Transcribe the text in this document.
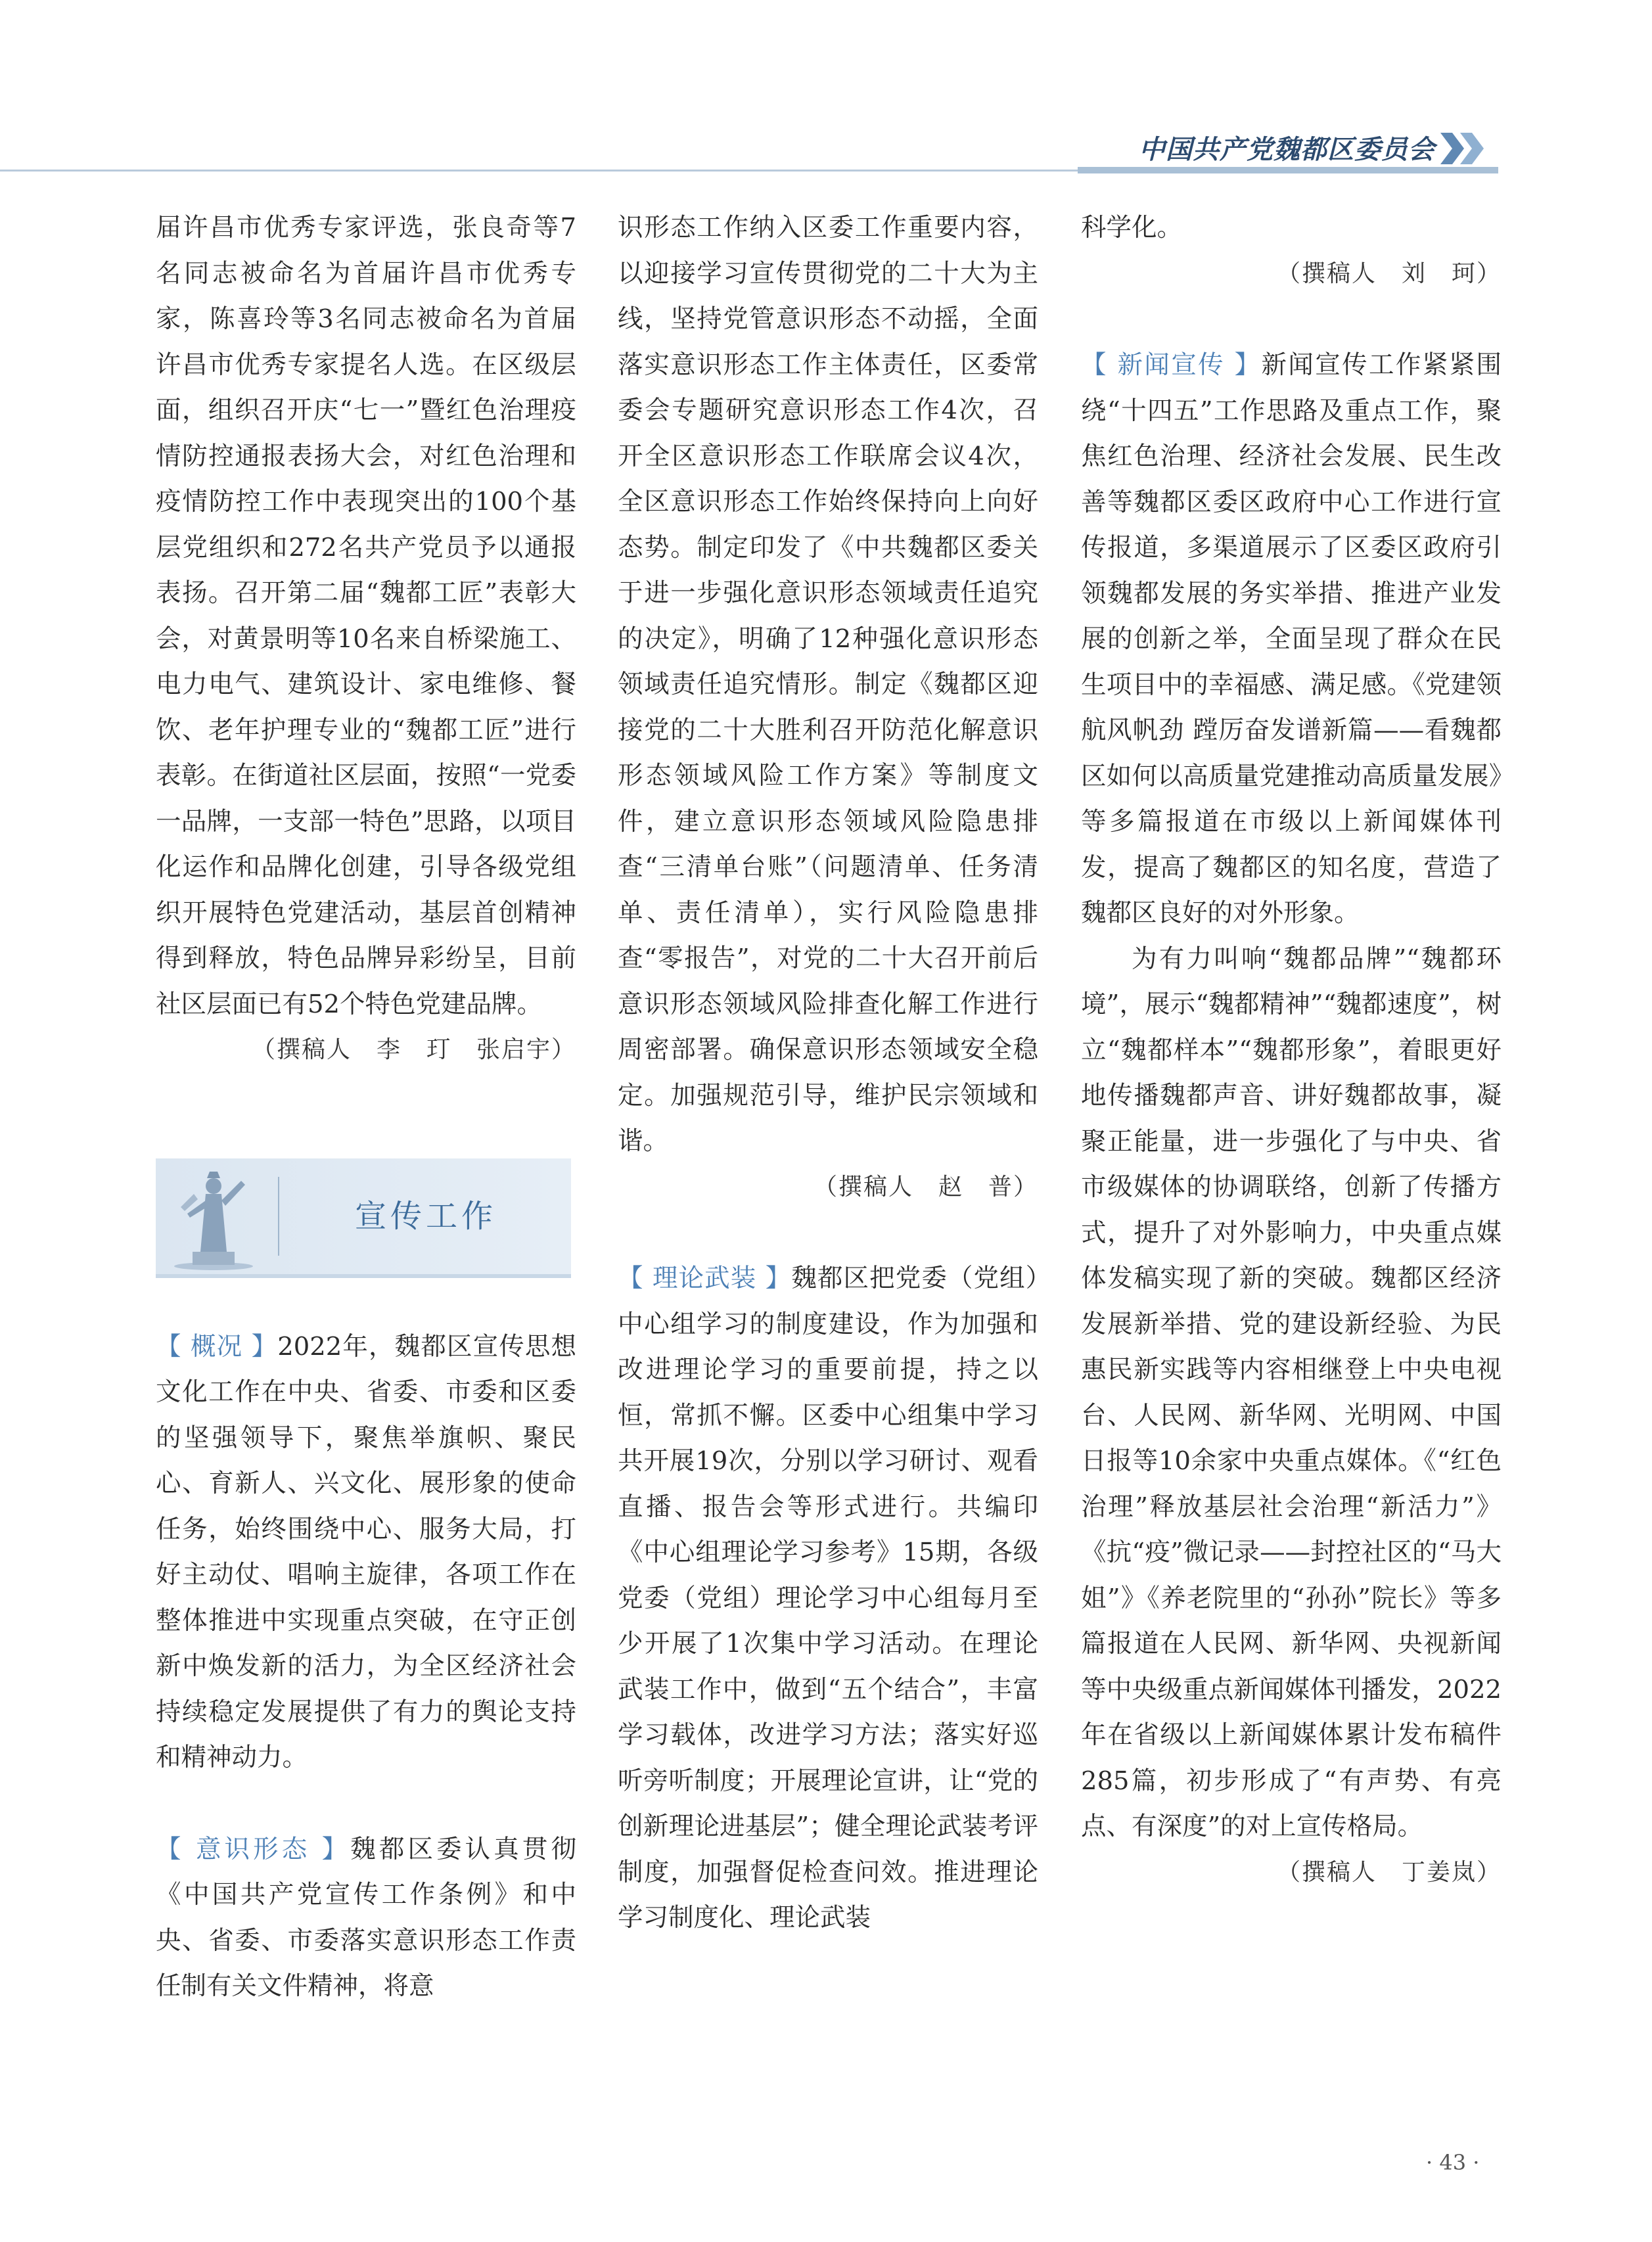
中国共产党魏都区委员会

届许昌市优秀专家评选，张良奇等7名同志被命名为首届许昌市优秀专家，陈喜玲等3名同志被命名为首届许昌市优秀专家提名人选。在区级层面，组织召开庆“七一”暨红色治理疫情防控通报表扬大会，对红色治理和疫情防控工作中表现突出的100个基层党组织和272名共产党员予以通报表扬。召开第二届“魏都工匠”表彰大会，对黄景明等10名来自桥梁施工、电力电气、建筑设计、家电维修、餐饮、老年护理专业的“魏都工匠”进行表彰。在街道社区层面，按照“一党委一品牌，一支部一特色”思路，以项目化运作和品牌化创建，引导各级党组织开展特色党建活动，基层首创精神得到释放，特色品牌异彩纷呈，目前社区层面已有52个特色党建品牌。

（撰稿人　李　玎　张启宇）

宣传工作

【 概况 】2022年，魏都区宣传思想文化工作在中央、省委、市委和区委的坚强领导下，聚焦举旗帜、聚民心、育新人、兴文化、展形象的使命任务，始终围绕中心、服务大局，打好主动仗、唱响主旋律，各项工作在整体推进中实现重点突破，在守正创新中焕发新的活力，为全区经济社会持续稳定发展提供了有力的舆论支持和精神动力。

【 意识形态 】魏都区委认真贯彻《中国共产党宣传工作条例》和中央、省委、市委落实意识形态工作责任制有关文件精神，将意

识形态工作纳入区委工作重要内容，以迎接学习宣传贯彻党的二十大为主线，坚持党管意识形态不动摇，全面落实意识形态工作主体责任，区委常委会专题研究意识形态工作4次，召开全区意识形态工作联席会议4次，全区意识形态工作始终保持向上向好态势。制定印发了《中共魏都区委关于进一步强化意识形态领域责任追究的决定》，明确了12种强化意识形态领域责任追究情形。制定《魏都区迎接党的二十大胜利召开防范化解意识形态领域风险工作方案》等制度文件，建立意识形态领域风险隐患排查“三清单台账”（问题清单、任务清单、责任清单），实行风险隐患排查“零报告”，对党的二十大召开前后意识形态领域风险排查化解工作进行周密部署。确保意识形态领域安全稳定。加强规范引导，维护民宗领域和谐。

（撰稿人　赵　普）

【 理论武装 】魏都区把党委（党组）中心组学习的制度建设，作为加强和改进理论学习的重要前提，持之以恒，常抓不懈。区委中心组集中学习共开展19次，分别以学习研讨、观看直播、报告会等形式进行。共编印《中心组理论学习参考》15期，各级党委（党组）理论学习中心组每月至少开展了1次集中学习活动。在理论武装工作中，做到“五个结合”，丰富学习载体，改进学习方法；落实好巡听旁听制度；开展理论宣讲，让“党的创新理论进基层”；健全理论武装考评制度，加强督促检查问效。推进理论学习制度化、理论武装

科学化。

（撰稿人　刘　珂）

【 新闻宣传 】新闻宣传工作紧紧围绕“十四五”工作思路及重点工作，聚焦红色治理、经济社会发展、民生改善等魏都区委区政府中心工作进行宣传报道，多渠道展示了区委区政府引领魏都发展的务实举措、推进产业发展的创新之举，全面呈现了群众在民生项目中的幸福感、满足感。《党建领航风帆劲 蹚厉奋发谱新篇——看魏都区如何以高质量党建推动高质量发展》等多篇报道在市级以上新闻媒体刊发，提高了魏都区的知名度，营造了魏都区良好的对外形象。

为有力叫响“魏都品牌”“魏都环境”，展示“魏都精神”“魏都速度”，树立“魏都样本”“魏都形象”，着眼更好地传播魏都声音、讲好魏都故事，凝聚正能量，进一步强化了与中央、省市级媒体的协调联络，创新了传播方式，提升了对外影响力，中央重点媒体发稿实现了新的突破。魏都区经济发展新举措、党的建设新经验、为民惠民新实践等内容相继登上中央电视台、人民网、新华网、光明网、中国日报等10余家中央重点媒体。《“红色治理”释放基层社会治理“新活力”》《抗“疫”微记录——封控社区的“马大姐”》《养老院里的“孙孙”院长》等多篇报道在人民网、新华网、央视新闻等中央级重点新闻媒体刊播发，2022年在省级以上新闻媒体累计发布稿件285篇，初步形成了“有声势、有亮点、有深度”的对上宣传格局。

（撰稿人　丁姜岚）

· 43 ·
